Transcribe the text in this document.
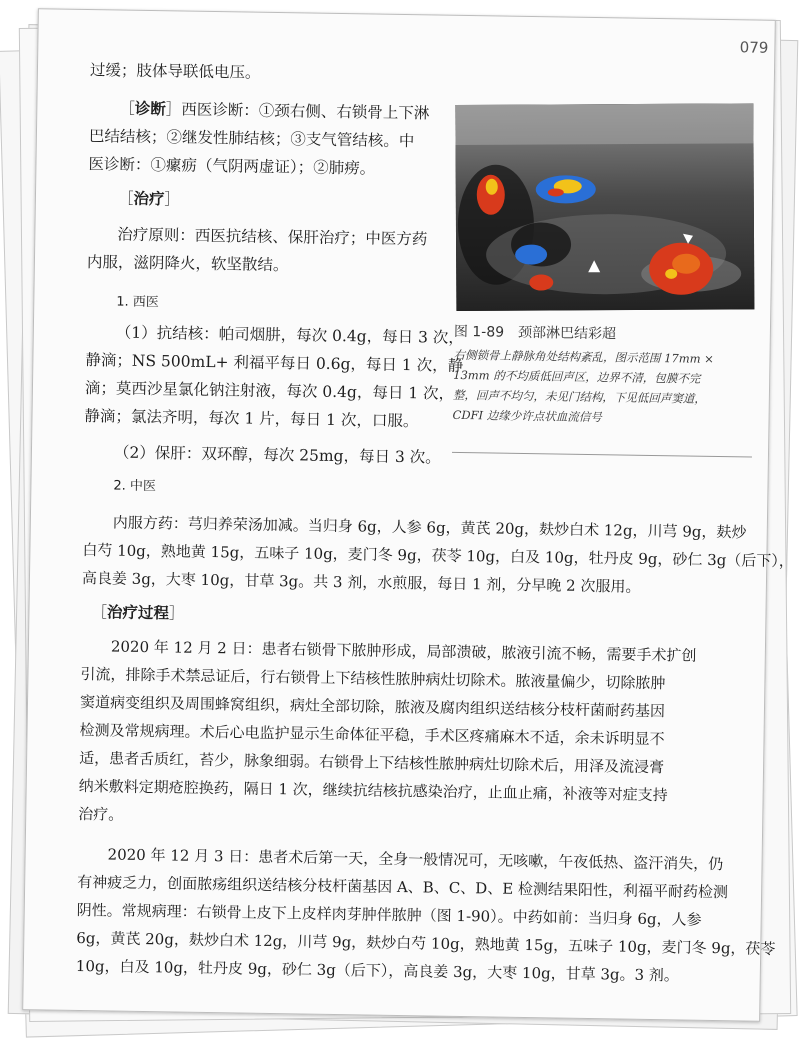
079
过缓；肢体导联低电压。
［诊断］西医诊断：①颈右侧、右锁骨上下淋
巴结结核；②继发性肺结核；③支气管结核。中
医诊断：①瘰疬（气阴两虚证）；②肺痨。
［治疗］
治疗原则：西医抗结核、保肝治疗；中医方药
内服，滋阴降火，软坚散结。
1. 西医
（1）抗结核：帕司烟肼，每次 0.4g，每日 3 次，
静滴；NS 500mL+ 利福平每日 0.6g，每日 1 次，静
滴；莫西沙星氯化钠注射液，每次 0.4g，每日 1 次，
静滴；氯法齐明，每次 1 片，每日 1 次，口服。
（2）保肝：双环醇，每次 25mg，每日 3 次。
2. 中医
图 1-89　颈部淋巴结彩超
右侧锁骨上静脉角处结构紊乱，图示范围 17mm ×
13mm 的不均质低回声区，边界不清，包膜不完
整，回声不均匀，未见门结构，下见低回声窦道，
CDFI 边缘少许点状血流信号
内服方药：芎归养荣汤加减。当归身 6g，人参 6g，黄芪 20g，麸炒白术 12g，川芎 9g，麸炒
白芍 10g，熟地黄 15g，五味子 10g，麦门冬 9g，茯苓 10g，白及 10g，牡丹皮 9g，砂仁 3g（后下），
高良姜 3g，大枣 10g，甘草 3g。共 3 剂，水煎服，每日 1 剂，分早晚 2 次服用。
［治疗过程］
2020 年 12 月 2 日：患者右锁骨下脓肿形成，局部溃破，脓液引流不畅，需要手术扩创
引流，排除手术禁忌证后，行右锁骨上下结核性脓肿病灶切除术。脓液量偏少，切除脓肿
窦道病变组织及周围蜂窝组织，病灶全部切除，脓液及腐肉组织送结核分枝杆菌耐药基因
检测及常规病理。术后心电监护显示生命体征平稳，手术区疼痛麻木不适，余未诉明显不
适，患者舌质红，苔少，脉象细弱。右锁骨上下结核性脓肿病灶切除术后，用泽及流浸膏
纳米敷料定期疮腔换药，隔日 1 次，继续抗结核抗感染治疗，止血止痛，补液等对症支持
治疗。
2020 年 12 月 3 日：患者术后第一天，全身一般情况可，无咳嗽，午夜低热、盗汗消失，仍
有神疲乏力，创面脓疡组织送结核分枝杆菌基因 A、B、C、D、E 检测结果阳性，利福平耐药检测
阴性。常规病理：右锁骨上皮下上皮样肉芽肿伴脓肿（图 1-90）。中药如前：当归身 6g，人参
6g，黄芪 20g，麸炒白术 12g，川芎 9g，麸炒白芍 10g，熟地黄 15g，五味子 10g，麦门冬 9g，茯苓
10g，白及 10g，牡丹皮 9g，砂仁 3g（后下），高良姜 3g，大枣 10g，甘草 3g。3 剂。
